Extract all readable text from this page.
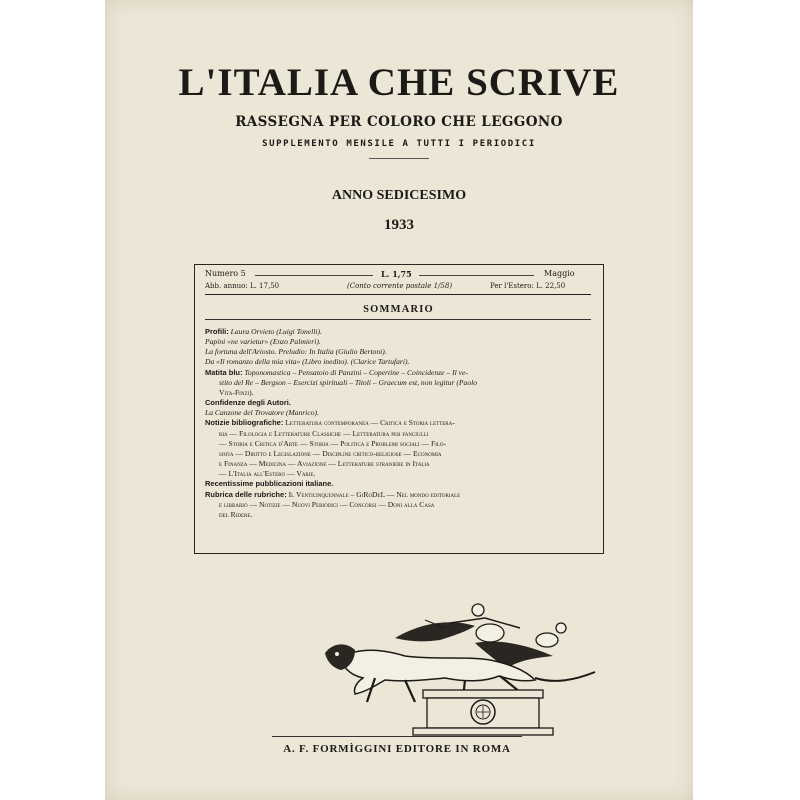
L'ITALIA CHE SCRIVE
RASSEGNA PER COLORO CHE LEGGONO
SUPPLEMENTO MENSILE A TUTTI I PERIODICI
ANNO SEDICESIMO
1933
Numero 5	L. 1,75	Maggio
Abb. annuo: L. 17,50	(Conto corrente postale 1/58)	Per l'Estero: L. 22,50
SOMMARIO
Profili: Laura Orvieto (Luigi Tonelli).
Papini «ne varietur» (Enzo Palmieri).
La fortuna dell'Ariosto. Preludio: In Italia (Giulio Bertoni).
Da «Il romanzo della mia vita» (Libro inedito). (Clarice Tartufari).
Matita blu: Toponomastica – Pensatoio di Panzini – Copertine – Coincidenze – Il ve-
stito del Re – Bergson – Esercizi spirituali – Titoli – Graecum est, non legitur (Paolo
Vita-Finzi).
Confidenze degli Autori.
La Canzone del Trovatore (Manrico).
Notizie bibliografiche: Letteratura contemporanea — Critica e Storia lettera-
ria — Filologia e Letterature Classiche — Letteratura per fanciulli
— Storia e Critica d'Arte — Storia — Politica e Problemi sociali — Filo-
sofia — Diritto e Legislazione — Discipline critico-religiose — Economia
e Finanza — Medicina — Aviazione — Letterature straniere in Italia
— L'Italia all'Estero — Varie.
Recentissime pubblicazioni italiane.
Rubrica delle rubriche: Il Venticinquennale – GiRoDeL — Nel mondo editoriale
e librario — Notizie — Nuovi Periodici — Concorsi — Doni alla Casa
del Ridere.
A. F. FORMÌGGINI EDITORE IN ROMA
